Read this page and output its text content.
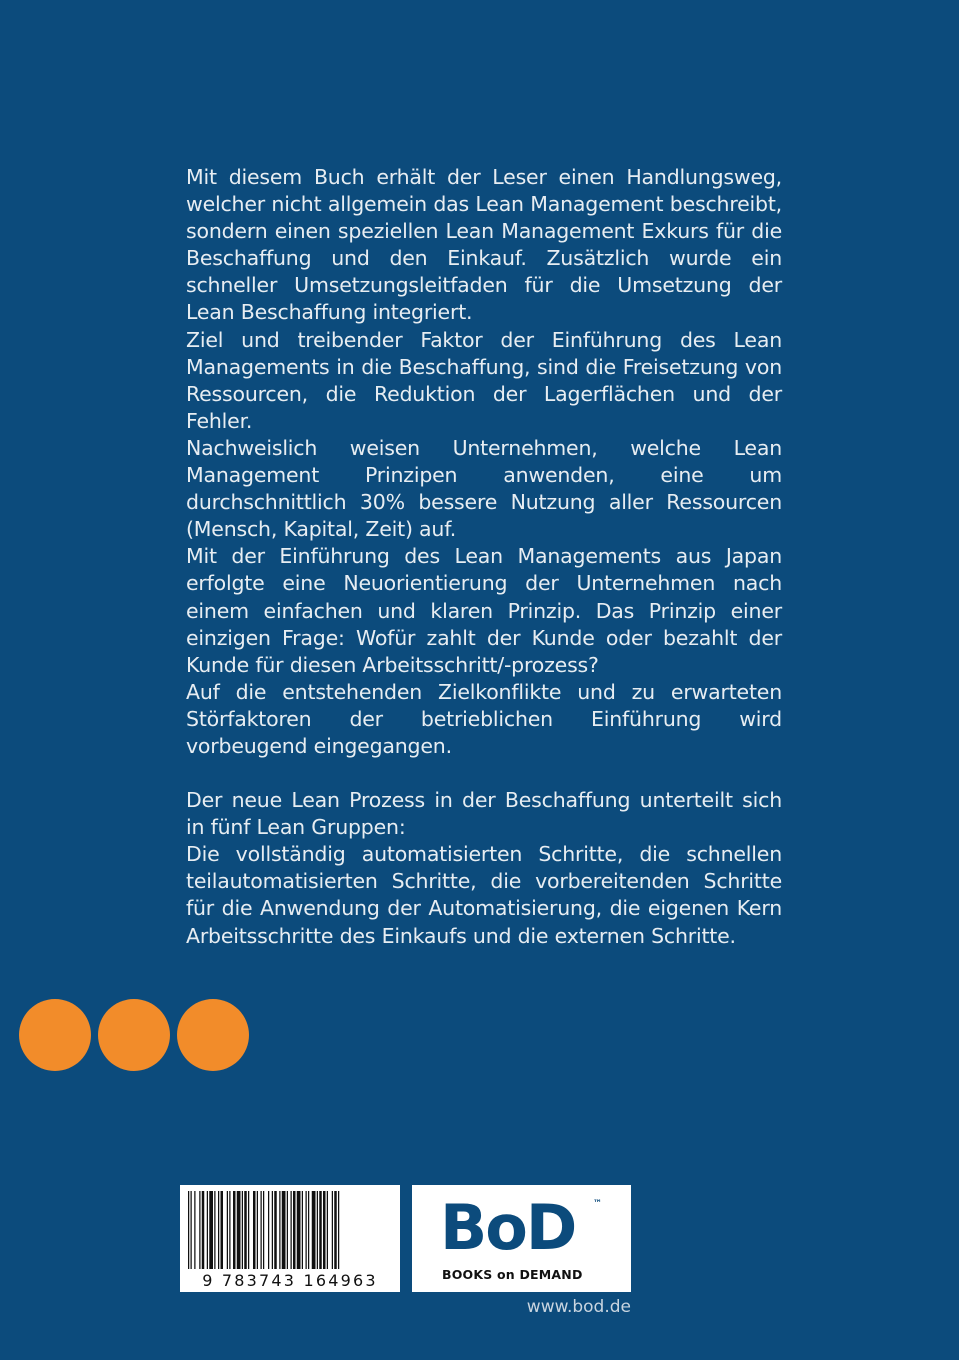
Mit diesem Buch erhält der Leser einen Handlungsweg, welcher nicht allgemein das Lean Management beschreibt, sondern einen speziellen Lean Management Exkurs für die Beschaffung und den Einkauf. Zusätzlich wurde ein schneller Umsetzungsleitfaden für die Umsetzung der Lean Beschaffung integriert.

Ziel und treibender Faktor der Einführung des Lean Managements in die Beschaffung, sind die Freisetzung von Ressourcen, die Reduktion der Lagerflächen und der Fehler.

Nachweislich weisen Unternehmen, welche Lean Management Prinzipen anwenden, eine um durchschnittlich 30% bessere Nutzung aller Ressourcen (Mensch, Kapital, Zeit) auf.

Mit der Einführung des Lean Managements aus Japan erfolgte eine Neuorientierung der Unternehmen nach einem einfachen und klaren Prinzip. Das Prinzip einer einzigen Frage: Wofür zahlt der Kunde oder bezahlt der Kunde für diesen Arbeitsschritt/-prozess?

Auf die entstehenden Zielkonflikte und zu erwarteten Störfaktoren der betrieblichen Einführung wird vorbeugend eingegangen.

Der neue Lean Prozess in der Beschaffung unterteilt sich in fünf Lean Gruppen:

Die vollständig automatisierten Schritte, die schnellen teilautomatisierten Schritte, die vorbereitenden Schritte für die Anwendung der Automatisierung, die eigenen Kern Arbeitsschritte des Einkaufs und die externen Schritte.

9 783743 164963
BoD ™
BOOKS on DEMAND
www.bod.de
